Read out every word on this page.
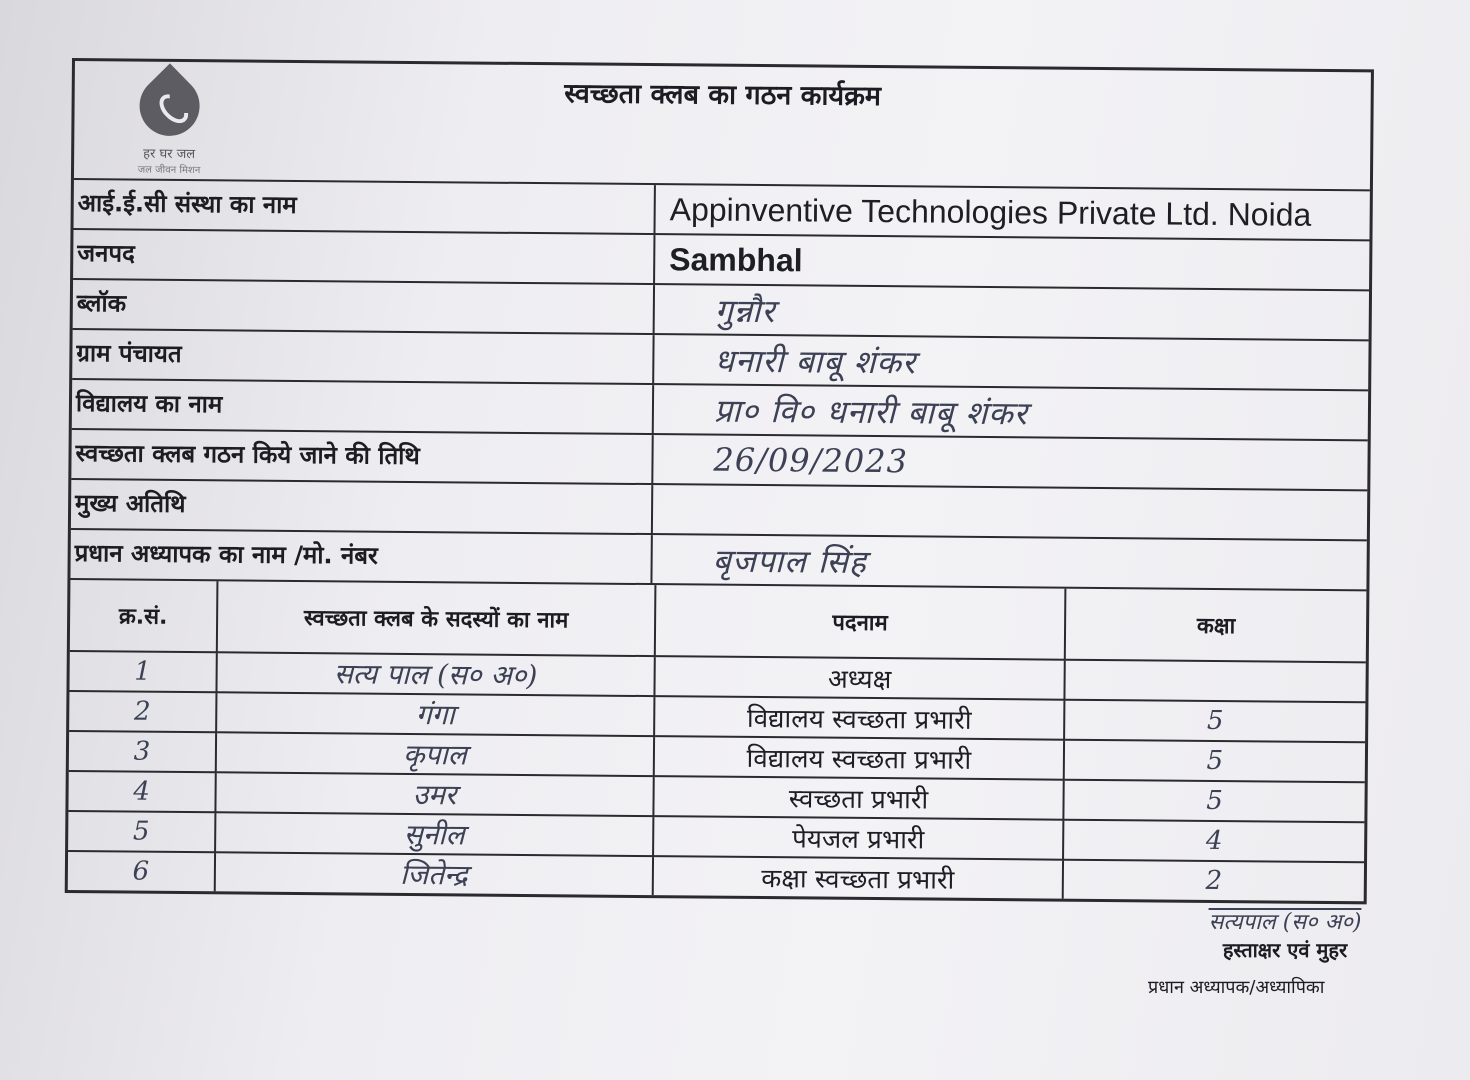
हर घर जल
जल जीवन मिशन
स्वच्छता क्लब का गठन कार्यक्रम
आई.ई.सी संस्था का नाम	Appinventive Technologies Private Ltd. Noida
जनपद	Sambhal
ब्लॉक	गुन्नौर
ग्राम पंचायत	धनारी बाबू शंकर
विद्यालय का नाम	प्रा० वि० धनारी बाबू शंकर
स्वच्छता क्लब गठन किये जाने की तिथि	26/09/2023
मुख्य अतिथि
प्रधान अध्यापक का नाम /मो. नंबर	बृजपाल सिंह
क्र.सं.	स्वच्छता क्लब के सदस्यों का नाम	पदनाम	कक्षा
1	सत्य पाल (स० अ०)	अध्यक्ष	
2	गंगा	विद्यालय स्वच्छता प्रभारी	5
3	कृपाल	विद्यालय स्वच्छता प्रभारी	5
4	उमर	स्वच्छता प्रभारी	5
5	सुनील	पेयजल प्रभारी	4
6	जितेन्द्र	कक्षा स्वच्छता प्रभारी	2
सत्यपाल (स० अ०)
हस्ताक्षर एवं मुहर
प्रधान अध्यापक/अध्यापिका
